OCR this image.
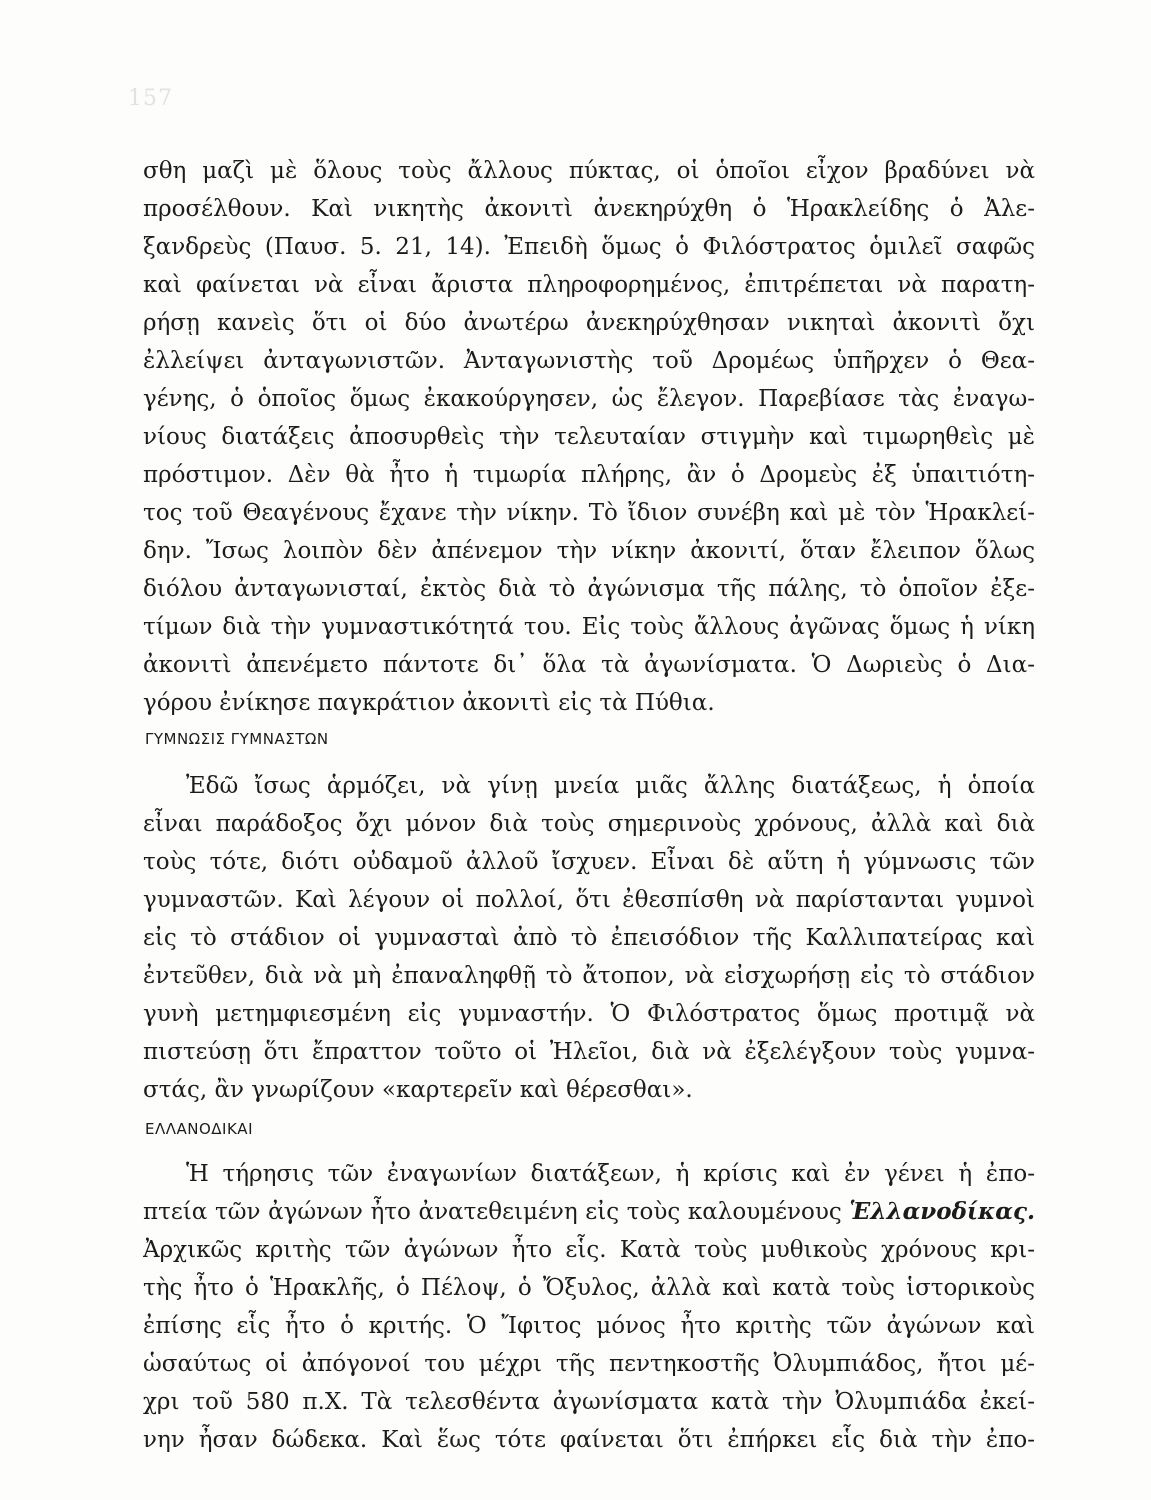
157
σθη μαζὶ μὲ ὅλους τοὺς ἄλλους πύκτας, οἱ ὁποῖοι εἶχον βραδύνει νὰ
προσέλθουν. Καὶ νικητὴς ἀκονιτὶ ἀνεκηρύχθη ὁ Ἡρακλείδης ὁ Ἀλε-
ξανδρεὺς (Παυσ. 5. 21, 14). Ἐπειδὴ ὅμως ὁ Φιλόστρατος ὁμιλεῖ σαφῶς
καὶ φαίνεται νὰ εἶναι ἄριστα πληροφορημένος, ἐπιτρέπεται νὰ παρατη-
ρήσῃ κανεὶς ὅτι οἱ δύο ἀνωτέρω ἀνεκηρύχθησαν νικηταὶ ἀκονιτὶ ὄχι
ἐλλείψει ἀνταγωνιστῶν. Ἀνταγωνιστὴς τοῦ Δρομέως ὑπῆρχεν ὁ Θεα-
γένης, ὁ ὁποῖος ὅμως ἐκακούργησεν, ὡς ἔλεγον. Παρεβίασε τὰς ἐναγω-
νίους διατάξεις ἀποσυρθεὶς τὴν τελευταίαν στιγμὴν καὶ τιμωρηθεὶς μὲ
πρόστιμον. Δὲν θὰ ἦτο ἡ τιμωρία πλήρης, ἂν ὁ Δρομεὺς ἐξ ὑπαιτιότη-
τος τοῦ Θεαγένους ἔχανε τὴν νίκην. Τὸ ἴδιον συνέβη καὶ μὲ τὸν Ἡρακλεί-
δην. Ἴσως λοιπὸν δὲν ἀπένεμον τὴν νίκην ἀκονιτί, ὅταν ἔλειπον ὅλως
διόλου ἀνταγωνισταί, ἐκτὸς διὰ τὸ ἀγώνισμα τῆς πάλης, τὸ ὁποῖον ἐξε-
τίμων διὰ τὴν γυμναστικότητά του. Εἰς τοὺς ἄλλους ἀγῶνας ὅμως ἡ νίκη
ἀκονιτὶ ἀπενέμετο πάντοτε δι᾿ ὅλα τὰ ἀγωνίσματα. Ὁ Δωριεὺς ὁ Δια-
γόρου ἐνίκησε παγκράτιον ἀκονιτὶ εἰς τὰ Πύθια.
ΓΥΜΝΩΣΙΣ ΓΥΜΝΑΣΤΩΝ
Ἐδῶ ἴσως ἁρμόζει, νὰ γίνῃ μνεία μιᾶς ἄλλης διατάξεως, ἡ ὁποία
εἶναι παράδοξος ὄχι μόνον διὰ τοὺς σημερινοὺς χρόνους, ἀλλὰ καὶ διὰ
τοὺς τότε, διότι οὐδαμοῦ ἀλλοῦ ἴσχυεν. Εἶναι δὲ αὕτη ἡ γύμνωσις τῶν
γυμναστῶν. Καὶ λέγουν οἱ πολλοί, ὅτι ἐθεσπίσθη νὰ παρίστανται γυμνοὶ
εἰς τὸ στάδιον οἱ γυμνασταὶ ἀπὸ τὸ ἐπεισόδιον τῆς Καλλιπατείρας καὶ
ἐντεῦθεν, διὰ νὰ μὴ ἐπαναληφθῇ τὸ ἄτοπον, νὰ εἰσχωρήσῃ εἰς τὸ στάδιον
γυνὴ μετημφιεσμένη εἰς γυμναστήν. Ὁ Φιλόστρατος ὅμως προτιμᾷ νὰ
πιστεύσῃ ὅτι ἔπραττον τοῦτο οἱ Ἠλεῖοι, διὰ νὰ ἐξελέγξουν τοὺς γυμνα-
στάς, ἂν γνωρίζουν «καρτερεῖν καὶ θέρεσθαι».
ΕΛΛΑΝΟΔΙΚΑΙ
Ἡ τήρησις τῶν ἐναγωνίων διατάξεων, ἡ κρίσις καὶ ἐν γένει ἡ ἐπο-
πτεία τῶν ἀγώνων ἦτο ἀνατεθειμένη εἰς τοὺς καλουμένους Ἑλλανοδίκας.
Ἀρχικῶς κριτὴς τῶν ἀγώνων ἦτο εἷς. Κατὰ τοὺς μυθικοὺς χρόνους κρι-
τὴς ἦτο ὁ Ἡρακλῆς, ὁ Πέλοψ, ὁ Ὄξυλος, ἀλλὰ καὶ κατὰ τοὺς ἱστορικοὺς
ἐπίσης εἷς ἦτο ὁ κριτής. Ὁ Ἴφιτος μόνος ἦτο κριτὴς τῶν ἀγώνων καὶ
ὡσαύτως οἱ ἀπόγονοί του μέχρι τῆς πεντηκοστῆς Ὀλυμπιάδος, ἤτοι μέ-
χρι τοῦ 580 π.Χ. Τὰ τελεσθέντα ἀγωνίσματα κατὰ τὴν Ὀλυμπιάδα ἐκεί-
νην ἦσαν δώδεκα. Καὶ ἕως τότε φαίνεται ὅτι ἐπήρκει εἷς διὰ τὴν ἐπο-
